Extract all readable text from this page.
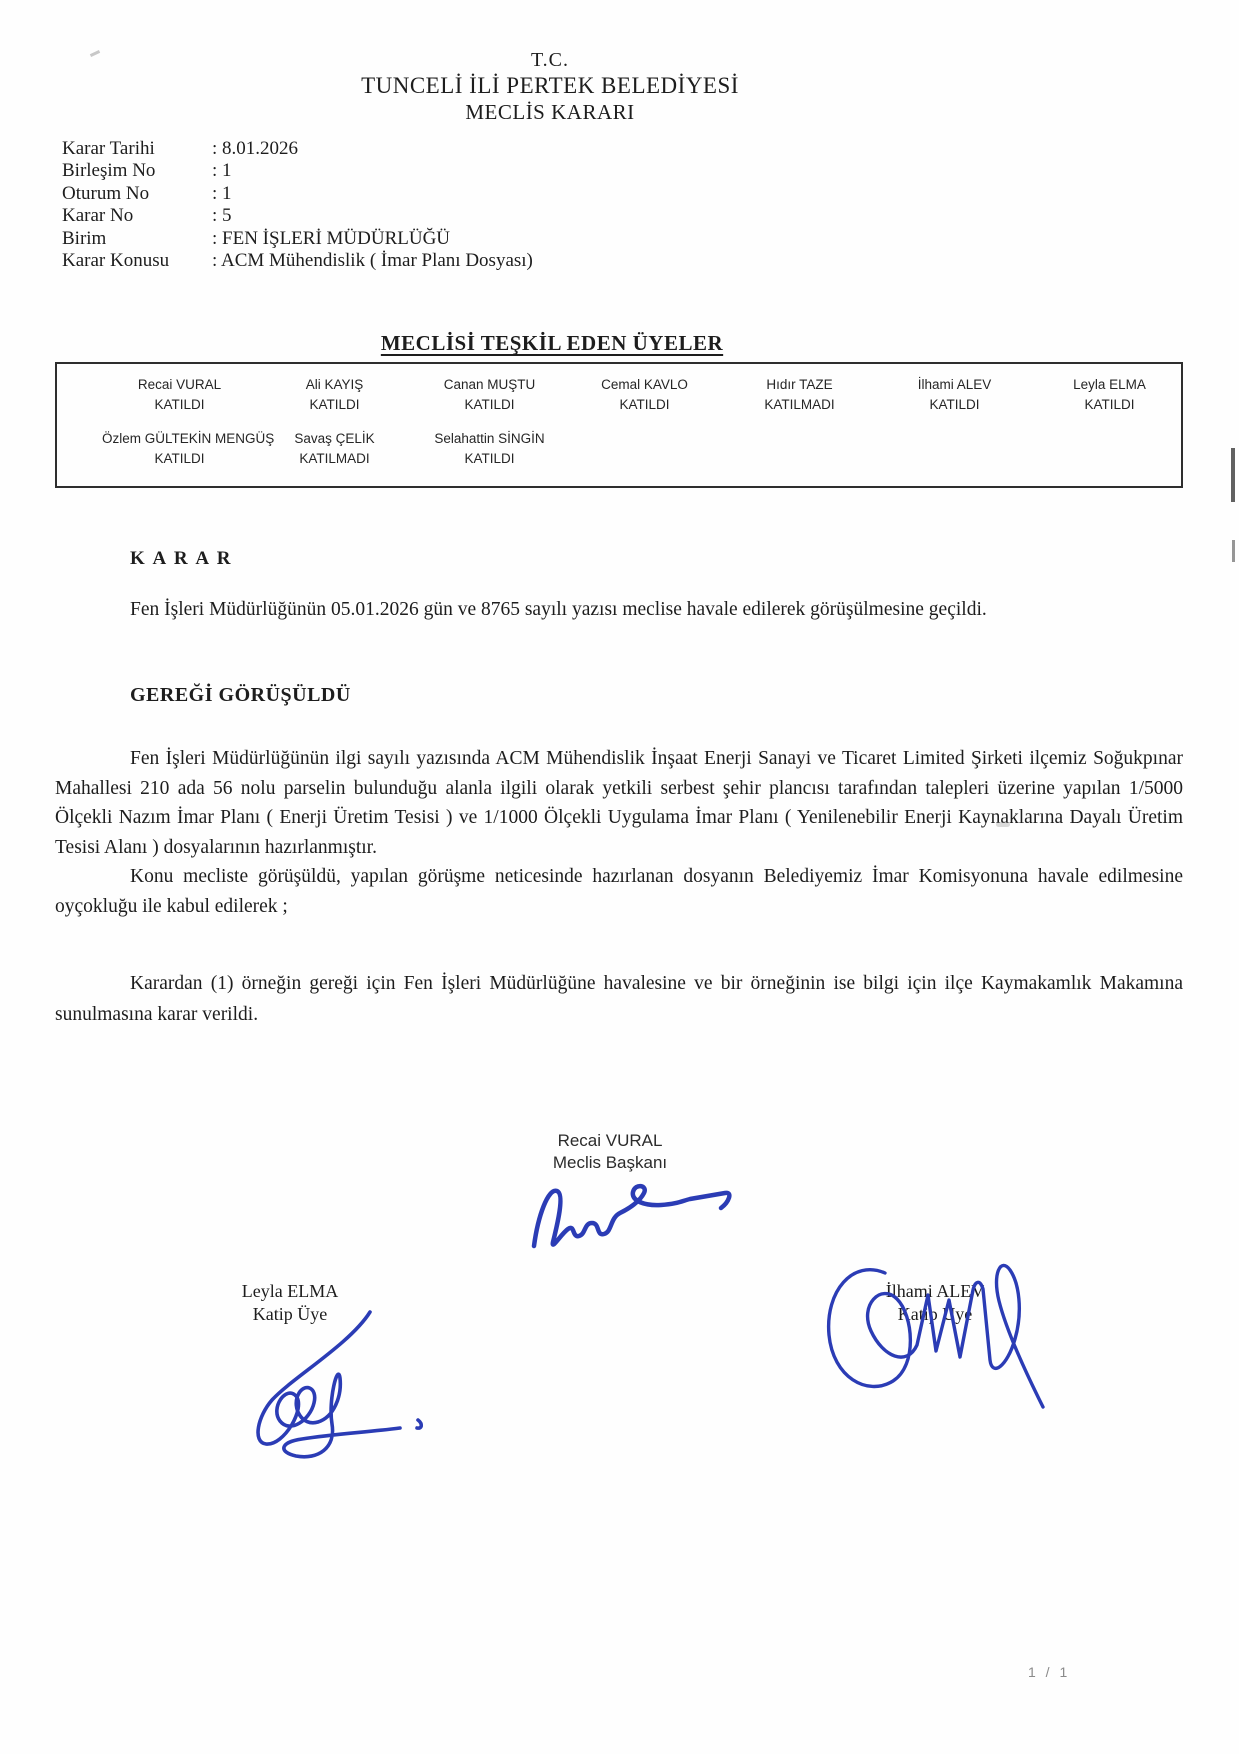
T.C.
TUNCELİ İLİ PERTEK BELEDİYESİ
MECLİS KARARI
Karar Tarihi	: 8.01.2026
Birleşim No	: 1
Oturum No	: 1
Karar No	: 5
Birim	: FEN İŞLERİ MÜDÜRLÜĞÜ
Karar Konusu	: ACM Mühendislik ( İmar Planı Dosyası)
MECLİSİ TEŞKİL EDEN ÜYELER
Recai VURAL
KATILDI
Ali KAYIŞ
KATILDI
Canan MUŞTU
KATILDI
Cemal KAVLO
KATILDI
Hıdır TAZE
KATILMADI
İlhami ALEV
KATILDI
Leyla ELMA
KATILDI
Özlem GÜLTEKİN MENGÜŞ
KATILDI
Savaş ÇELİK
KATILMADI
Selahattin SİNGİN
KATILDI
K A R A R
Fen İşleri Müdürlüğünün 05.01.2026 gün ve 8765 sayılı yazısı meclise havale edilerek görüşülmesine geçildi.
GEREĞİ GÖRÜŞÜLDÜ

Fen İşleri Müdürlüğünün ilgi sayılı yazısında ACM Mühendislik İnşaat Enerji Sanayi ve Ticaret Limited Şirketi ilçemiz Soğukpınar Mahallesi 210 ada 56 nolu parselin bulunduğu alanla ilgili olarak yetkili serbest şehir plancısı tarafından talepleri üzerine yapılan 1/5000 Ölçekli Nazım İmar Planı ( Enerji Üretim Tesisi ) ve 1/1000 Ölçekli Uygulama İmar Planı ( Yenilenebilir Enerji Kaynaklarına Dayalı Üretim Tesisi Alanı ) dosyalarının hazırlanmıştır.

Konu mecliste görüşüldü, yapılan görüşme neticesinde hazırlanan dosyanın Belediyemiz İmar Komisyonuna havale edilmesine oyçokluğu ile kabul edilerek ;

Karardan (1) örneğin gereği için Fen İşleri Müdürlüğüne havalesine ve bir örneğinin ise bilgi için ilçe Kaymakamlık Makamına sunulmasına karar verildi.
Recai VURAL
Meclis Başkanı
Leyla ELMA
Katip Üye
İlhami ALEV
Katip Üye
1 / 1
